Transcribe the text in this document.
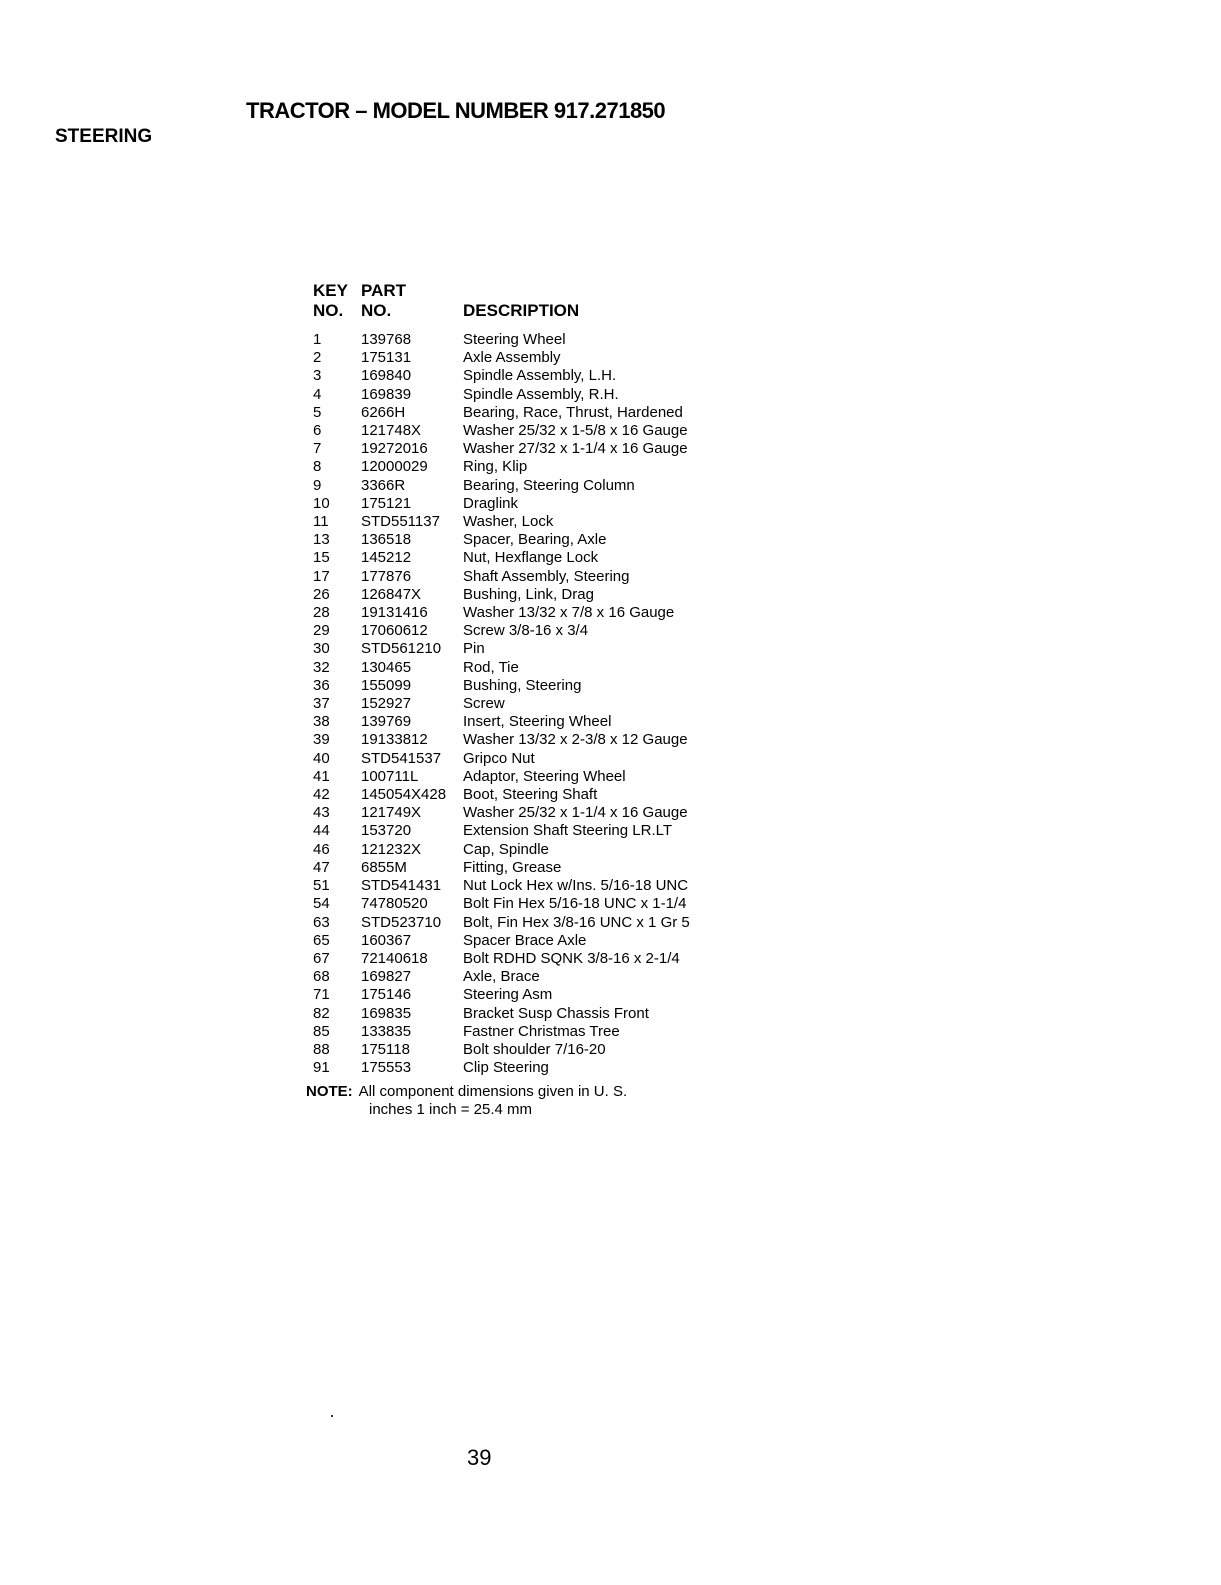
TRACTOR – MODEL NUMBER 917.271850
STEERING
KEY	PART	
NO.	NO.	DESCRIPTION
1	139768	Steering Wheel
2	175131	Axle Assembly
3	169840	Spindle Assembly, L.H.
4	169839	Spindle Assembly, R.H.
5	6266H	Bearing, Race, Thrust, Hardened
6	121748X	Washer 25/32 x 1-5/8 x 16 Gauge
7	19272016	Washer 27/32 x 1-1/4 x 16 Gauge
8	12000029	Ring, Klip
9	3366R	Bearing, Steering Column
10	175121	Draglink
11	STD551137	Washer, Lock
13	136518	Spacer, Bearing, Axle
15	145212	Nut, Hexflange Lock
17	177876	Shaft Assembly, Steering
26	126847X	Bushing, Link, Drag
28	19131416	Washer 13/32 x 7/8 x 16 Gauge
29	17060612	Screw 3/8-16 x 3/4
30	STD561210	Pin
32	130465	Rod, Tie
36	155099	Bushing, Steering
37	152927	Screw
38	139769	Insert, Steering Wheel
39	19133812	Washer 13/32 x 2-3/8 x 12 Gauge
40	STD541537	Gripco Nut
41	100711L	Adaptor, Steering Wheel
42	145054X428	Boot, Steering Shaft
43	121749X	Washer 25/32 x 1-1/4 x 16 Gauge
44	153720	Extension Shaft Steering LR.LT
46	121232X	Cap, Spindle
47	6855M	Fitting, Grease
51	STD541431	Nut Lock Hex w/Ins. 5/16-18 UNC
54	74780520	Bolt Fin Hex 5/16-18 UNC x 1-1/4
63	STD523710	Bolt, Fin Hex 3/8-16 UNC x 1 Gr 5
65	160367	Spacer Brace Axle
67	72140618	Bolt RDHD SQNK 3/8-16 x 2-1/4
68	169827	Axle, Brace
71	175146	Steering Asm
82	169835	Bracket Susp Chassis Front
85	133835	Fastner Christmas Tree
88	175118	Bolt shoulder 7/16-20
91	175553	Clip Steering
NOTE: All component dimensions given in U. S.
inches 1 inch = 25.4 mm
39
